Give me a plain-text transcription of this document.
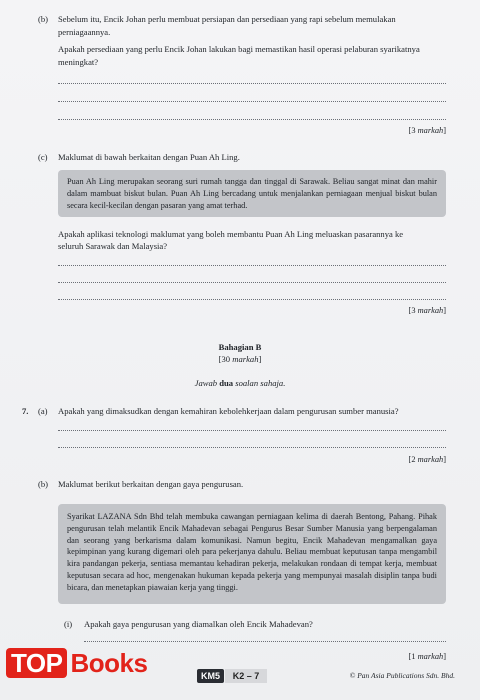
(b) Sebelum itu, Encik Johan perlu membuat persiapan dan persediaan yang rapi sebelum memulakan
perniagaannya.
Apakah persediaan yang perlu Encik Johan lakukan bagi memastikan hasil operasi pelaburan syarikatnya
meningkat?
[3 markah]
(c) Maklumat di bawah berkaitan dengan Puan Ah Ling.
Puan Ah Ling merupakan seorang suri rumah tangga dan tinggal di Sarawak. Beliau sangat minat dan mahir dalam mambuat biskut bulan. Puan Ah Ling bercadang untuk menjalankan perniagaan menjual biskut bulan secara kecil-kecilan dengan pasaran yang amat terhad.
Apakah aplikasi teknologi maklumat yang boleh membantu Puan Ah Ling meluaskan pasarannya ke
seluruh Sarawak dan Malaysia?
[3 markah]
Bahagian B
[30 markah]
Jawab dua soalan sahaja.
7. (a) Apakah yang dimaksudkan dengan kemahiran kebolehkerjaan dalam pengurusan sumber manusia?
[2 markah]
(b) Maklumat berikut berkaitan dengan gaya pengurusan.
Syarikat LAZANA Sdn Bhd telah membuka cawangan perniagaan kelima di daerah Bentong, Pahang. Pihak pengurusan telah melantik Encik Mahadevan sebagai Pengurus Besar Sumber Manusia yang berpengalaman dan seorang yang berkarisma dalam komunikasi. Namun begitu, Encik Mahadevan mengamalkan gaya kepimpinan yang kurang digemari oleh para pekerjanya dahulu. Beliau membuat keputusan tanpa mengambil kira pandangan pekerja, sentiasa memantau kehadiran pekerja, melakukan rondaan di tempat kerja, membuat keputusan secara ad hoc, mengenakan hukuman kepada pekerja yang mempunyai masalah disiplin tanpa budi bicara, dan menetapkan piawaian kerja yang tinggi.
(i) Apakah gaya pengurusan yang diamalkan oleh Encik Mahadevan?
[1 markah]
TOP Books	KM5	K2 – 7	© Pan Asia Publications Sdn. Bhd.
